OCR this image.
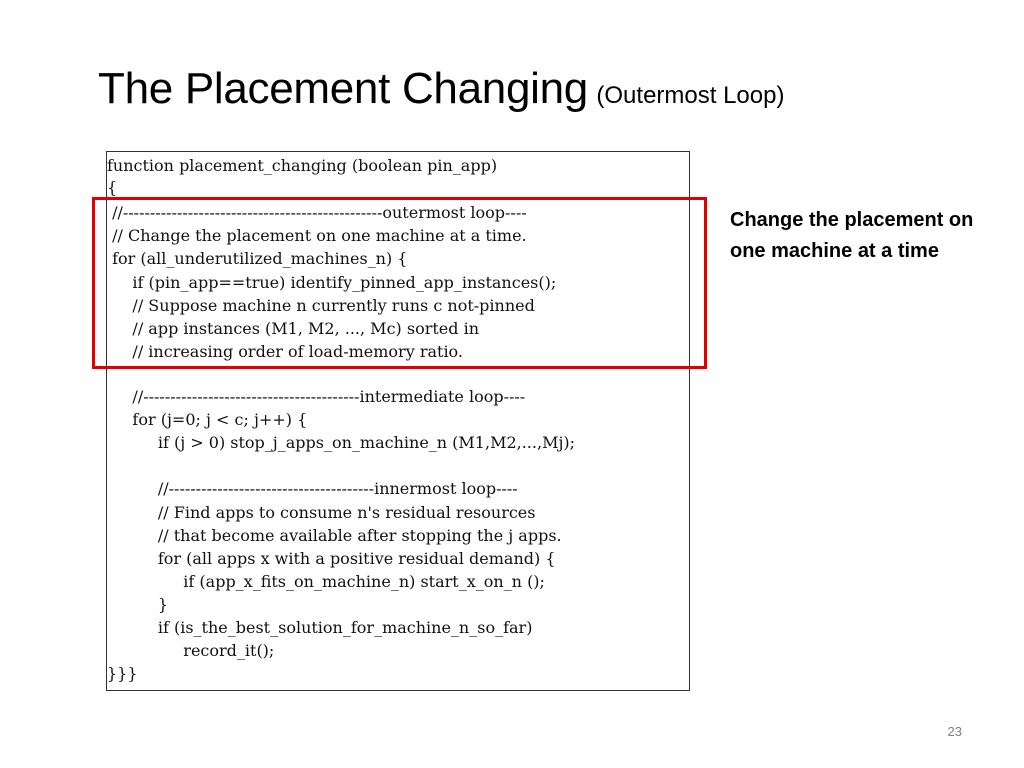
The Placement Changing (Outermost Loop)
function placement_changing (boolean pin_app)
{
//------------------------------------------------outermost loop----
// Change the placement on one machine at a time.
for (all_underutilized_machines_n) {
if (pin_app==true) identify_pinned_app_instances();
// Suppose machine n currently runs c not-pinned
// app instances (M1, M2, ..., Mc) sorted in
// increasing order of load-memory ratio.
//----------------------------------------intermediate loop----
for (j=0; j < c; j++) {
if (j > 0) stop_j_apps_on_machine_n (M1,M2,...,Mj);
//--------------------------------------innermost loop----
// Find apps to consume n's residual resources
// that become available after stopping the j apps.
for (all apps x with a positive residual demand) {
if (app_x_fits_on_machine_n) start_x_on_n ();
}
if (is_the_best_solution_for_machine_n_so_far)
record_it();
}}}
Change the placement on one machine at a time
23
